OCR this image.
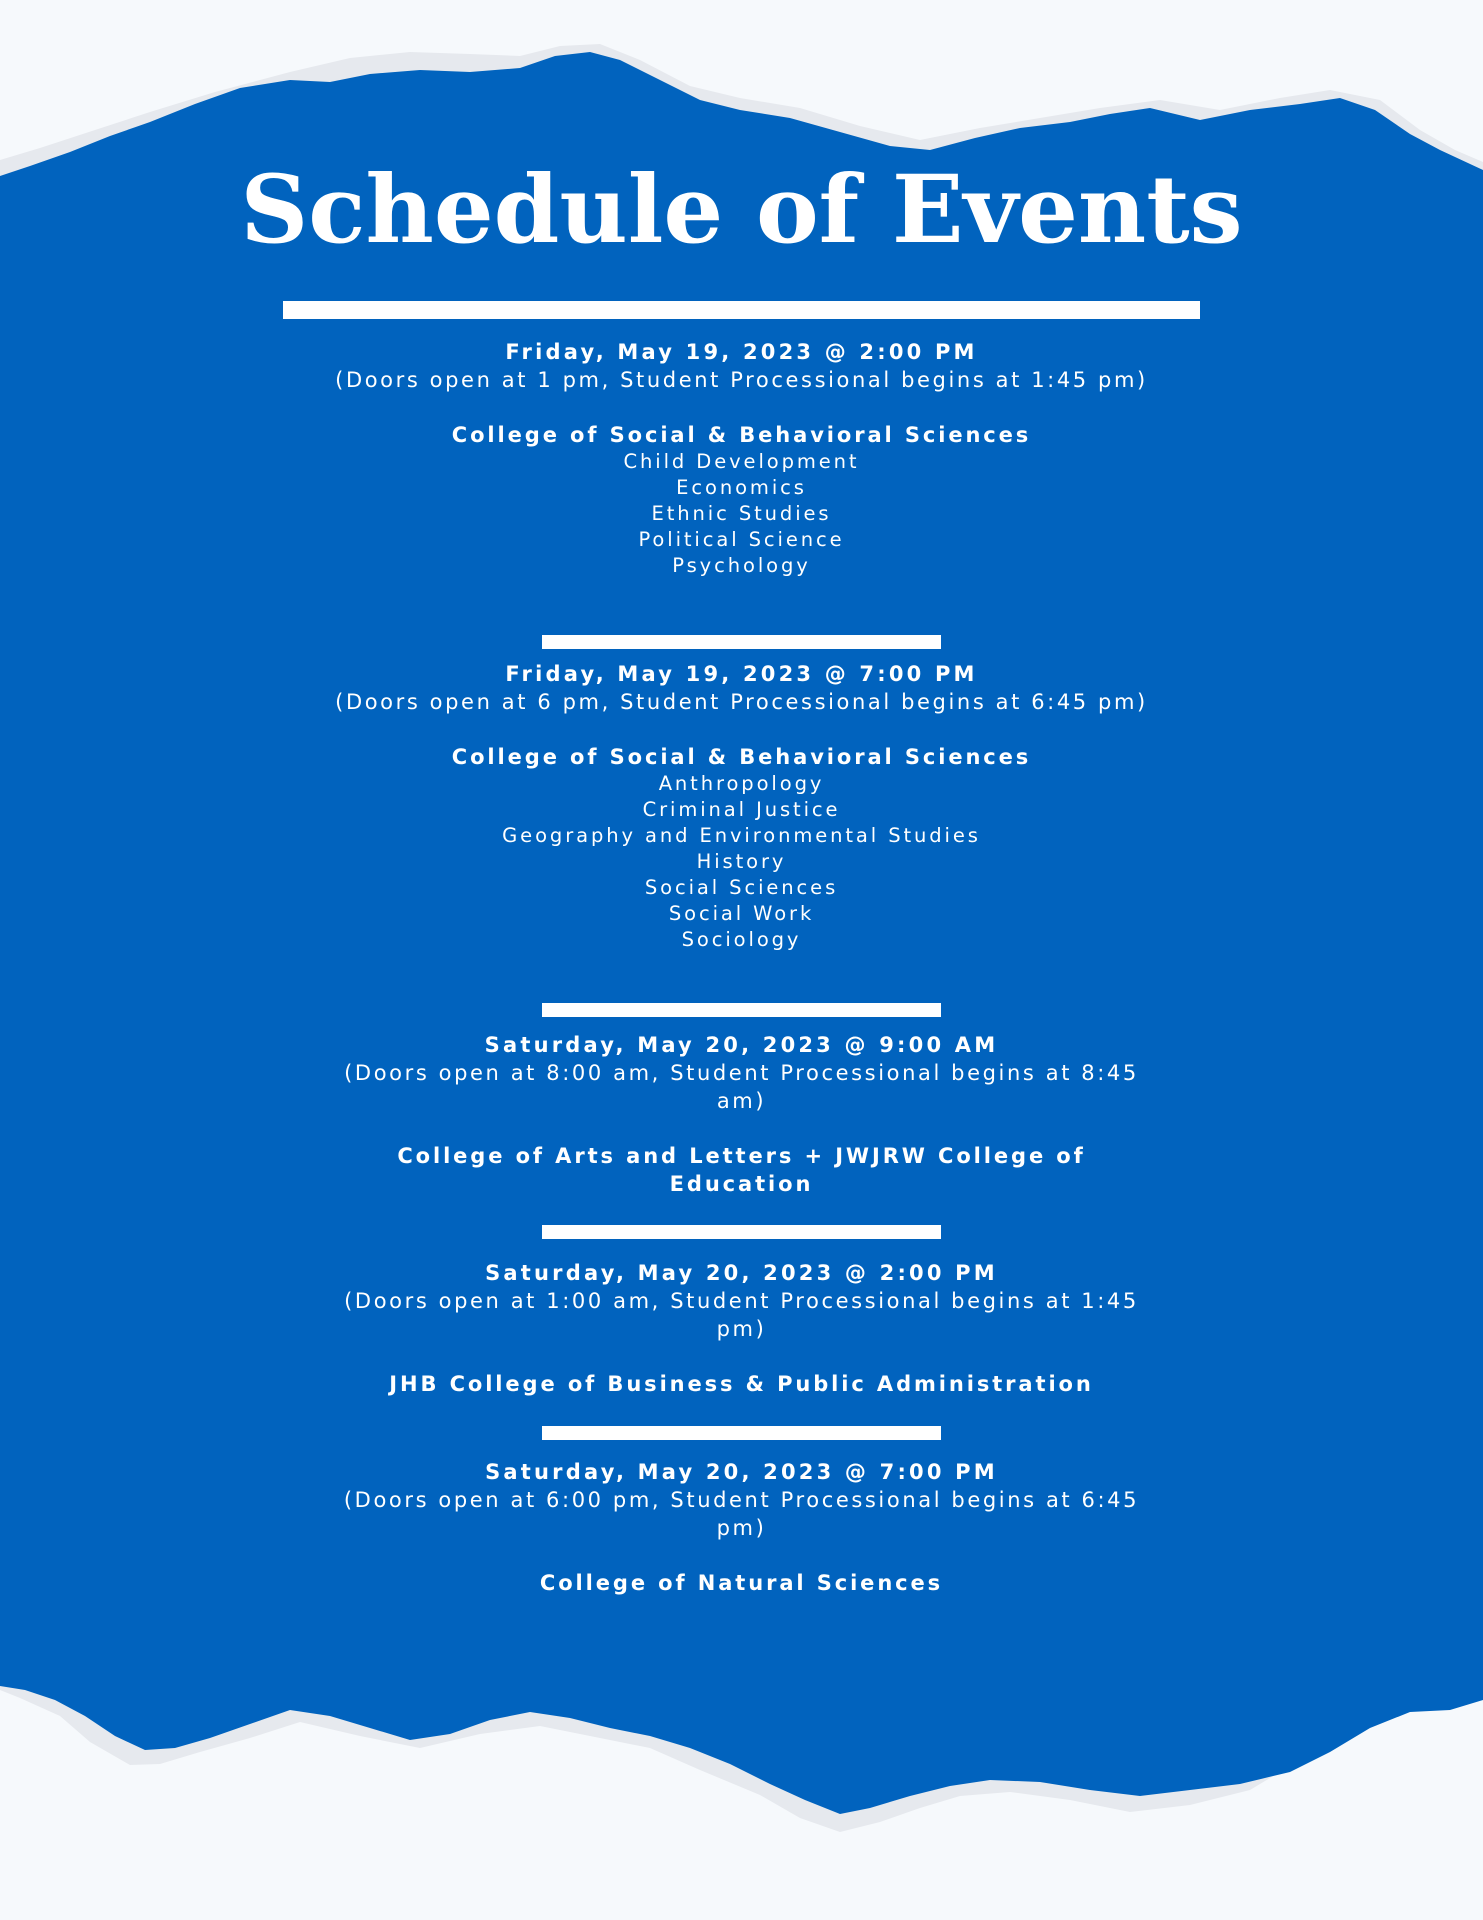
Schedule of Events

Friday, May 19, 2023 @ 2:00 PM

(Doors open at 1 pm, Student Processional begins at 1:45 pm)

College of Social & Behavioral Sciences

Child Development
Economics
Ethnic Studies
Political Science
Psychology

Friday, May 19, 2023 @ 7:00 PM

(Doors open at 6 pm, Student Processional begins at 6:45 pm)

College of Social & Behavioral Sciences

Anthropology
Criminal Justice
Geography and Environmental Studies
History
Social Sciences
Social Work
Sociology

Saturday, May 20, 2023 @ 9:00 AM

(Doors open at 8:00 am, Student Processional begins at 8:45 am)

College of Arts and Letters + JWJRW College of Education

Saturday, May 20, 2023 @ 2:00 PM

(Doors open at 1:00 am, Student Processional begins at 1:45 pm)

JHB College of Business & Public Administration

Saturday, May 20, 2023 @ 7:00 PM

(Doors open at 6:00 pm, Student Processional begins at 6:45 pm)

College of Natural Sciences
